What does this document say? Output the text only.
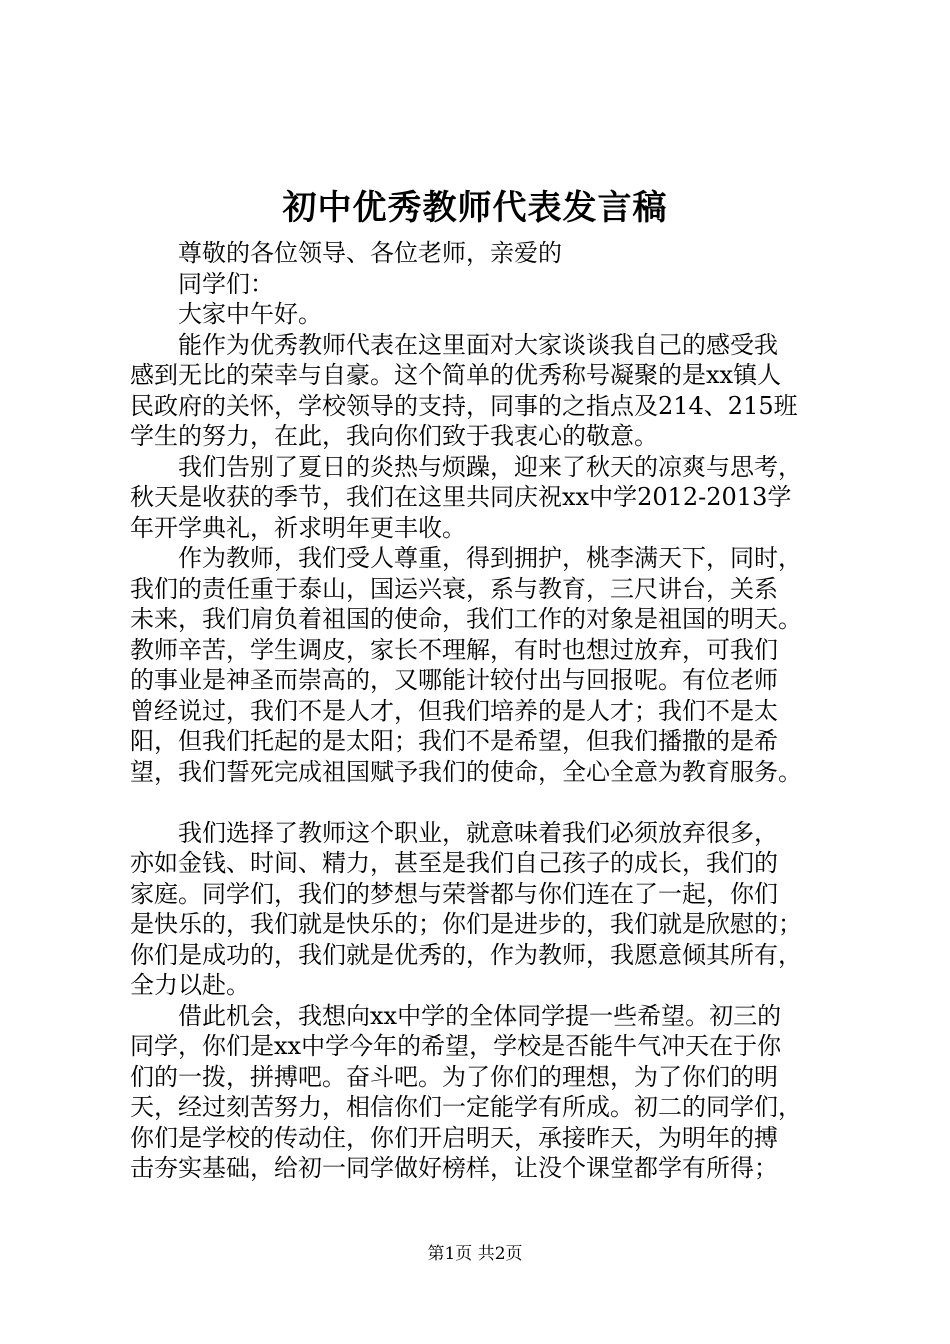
初中优秀教师代表发言稿
尊敬的各位领导、各位老师，亲爱的
同学们：
大家中午好。
能作为优秀教师代表在这里面对大家谈谈我自己的感受我
感到无比的荣幸与自豪。这个简单的优秀称号凝聚的是xx镇人
民政府的关怀，学校领导的支持，同事的之指点及214、215班
学生的努力，在此，我向你们致于我衷心的敬意。
我们告别了夏日的炎热与烦躁，迎来了秋天的凉爽与思考，
秋天是收获的季节，我们在这里共同庆祝xx中学2012-2013学
年开学典礼，祈求明年更丰收。
作为教师，我们受人尊重，得到拥护，桃李满天下，同时，
我们的责任重于泰山，国运兴衰，系与教育，三尺讲台，关系
未来，我们肩负着祖国的使命，我们工作的对象是祖国的明天。
教师辛苦，学生调皮，家长不理解，有时也想过放弃，可我们
的事业是神圣而崇高的，又哪能计较付出与回报呢。有位老师
曾经说过，我们不是人才，但我们培养的是人才；我们不是太
阳，但我们托起的是太阳；我们不是希望，但我们播撒的是希
望，我们誓死完成祖国赋予我们的使命，全心全意为教育服务。
我们选择了教师这个职业，就意味着我们必须放弃很多，
亦如金钱、时间、精力，甚至是我们自己孩子的成长，我们的
家庭。同学们，我们的梦想与荣誉都与你们连在了一起，你们
是快乐的，我们就是快乐的；你们是进步的，我们就是欣慰的；
你们是成功的，我们就是优秀的，作为教师，我愿意倾其所有，
全力以赴。
借此机会，我想向xx中学的全体同学提一些希望。初三的
同学，你们是xx中学今年的希望，学校是否能牛气冲天在于你
们的一拨，拼搏吧。奋斗吧。为了你们的理想，为了你们的明
天，经过刻苦努力，相信你们一定能学有所成。初二的同学们，
你们是学校的传动住，你们开启明天，承接昨天，为明年的搏
击夯实基础，给初一同学做好榜样，让没个课堂都学有所得；
第1页 共2页
